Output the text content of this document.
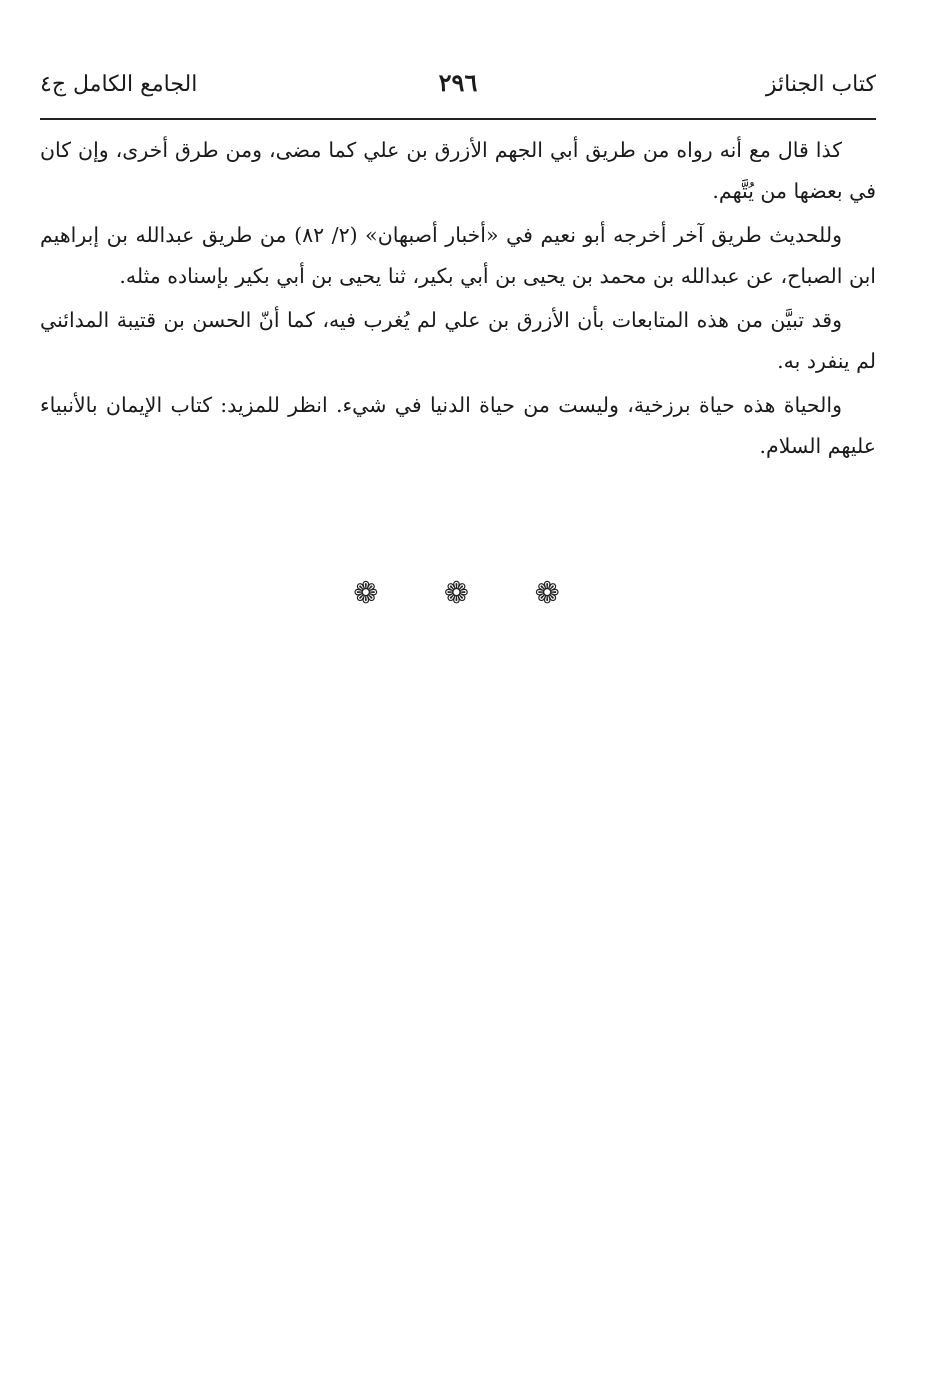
كتاب الجنائز
٢٩٦
الجامع الكامل ج٤

كذا قال مع أنه رواه من طريق أبي الجهم الأزرق بن علي كما مضى، ومن طرق أخرى، وإن كان في بعضها من يُتَّهم.

وللحديث طريق آخر أخرجه أبو نعيم في «أخبار أصبهان» (٢/ ٨٢) من طريق عبدالله بن إبراهيم ابن الصباح، عن عبدالله بن محمد بن يحيى بن أبي بكير، ثنا يحيى بن أبي بكير بإسناده مثله.

وقد تبيَّن من هذه المتابعات بأن الأزرق بن علي لم يُغرب فيه، كما أنّ الحسن بن قتيبة المدائني لم ينفرد به.

والحياة هذه حياة برزخية، وليست من حياة الدنيا في شيء. انظر للمزيد: كتاب الإيمان بالأنبياء عليهم السلام.

❁ ❁ ❁
